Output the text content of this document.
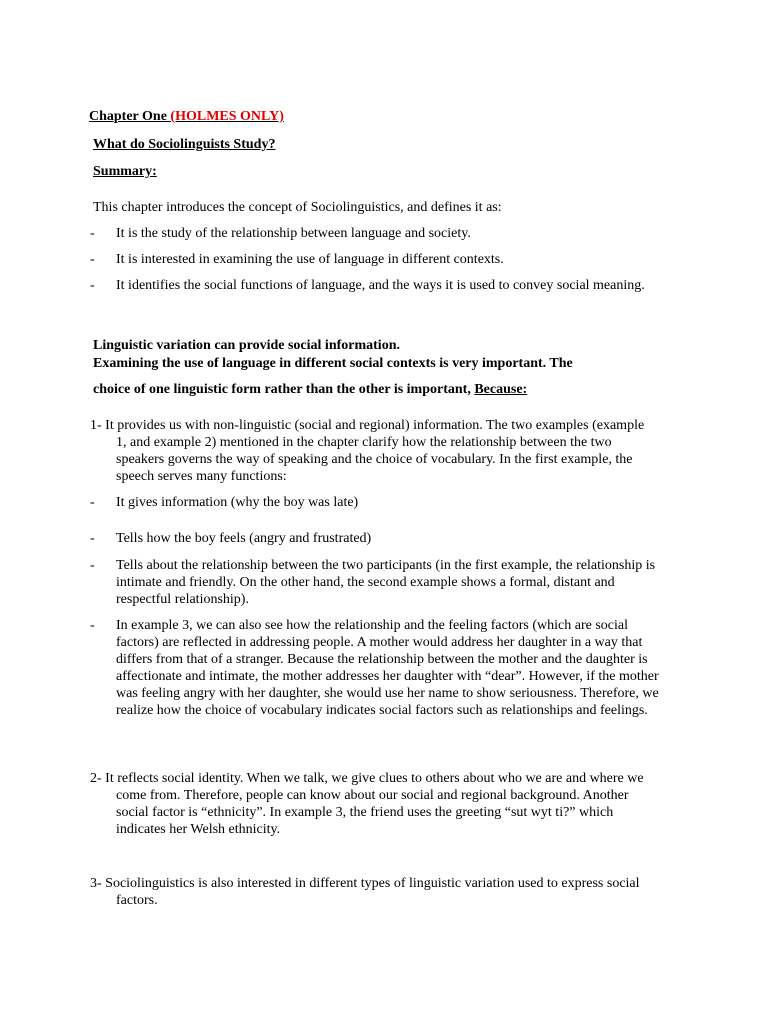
Chapter One (HOLMES ONLY)
What do Sociolinguists Study?
Summary:
This chapter introduces the concept of Sociolinguistics, and defines it as:
- It is the study of the relationship between language and society.
- It is interested in examining the use of language in different contexts.
- It identifies the social functions of language, and the ways it is used to convey social meaning.
Linguistic variation can provide social information.
Examining the use of language in different social contexts is very important. The
choice of one linguistic form rather than the other is important, Because:
1- It provides us with non-linguistic (social and regional) information. The two examples (example 1, and example 2) mentioned in the chapter clarify how the relationship between the two speakers governs the way of speaking and the choice of vocabulary. In the first example, the speech serves many functions:
- It gives information (why the boy was late)
- Tells how the boy feels (angry and frustrated)
- Tells about the relationship between the two participants (in the first example, the relationship is intimate and friendly. On the other hand, the second example shows a formal, distant and respectful relationship).
- In example 3, we can also see how the relationship and the feeling factors (which are social factors) are reflected in addressing people. A mother would address her daughter in a way that differs from that of a stranger. Because the relationship between the mother and the daughter is affectionate and intimate, the mother addresses her daughter with “dear”. However, if the mother was feeling angry with her daughter, she would use her name to show seriousness. Therefore, we realize how the choice of vocabulary indicates social factors such as relationships and feelings.
2- It reflects social identity. When we talk, we give clues to others about who we are and where we come from. Therefore, people can know about our social and regional background. Another social factor is “ethnicity”. In example 3, the friend uses the greeting “sut wyt ti?” which indicates her Welsh ethnicity.
3- Sociolinguistics is also interested in different types of linguistic variation used to express social factors.
